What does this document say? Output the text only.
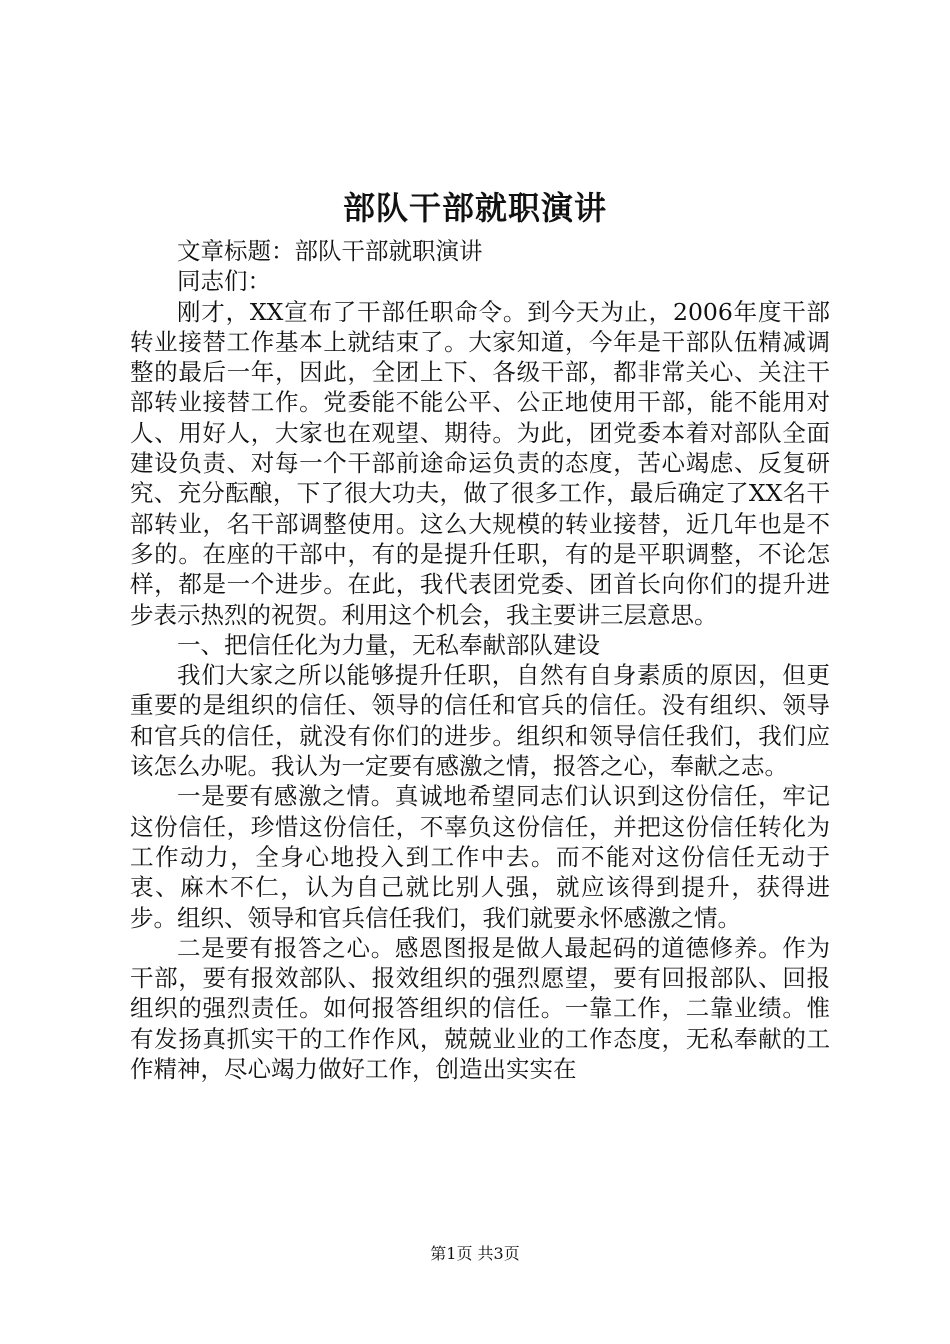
部队干部就职演讲

文章标题：部队干部就职演讲

同志们：

刚才，XX宣布了干部任职命令。到今天为止，2006年度干部转业接替工作基本上就结束了。大家知道，今年是干部队伍精减调整的最后一年，因此，全团上下、各级干部，都非常关心、关注干部转业接替工作。党委能不能公平、公正地使用干部，能不能用对人、用好人，大家也在观望、期待。为此，团党委本着对部队全面建设负责、对每一个干部前途命运负责的态度，苦心竭虑、反复研究、充分酝酿，下了很大功夫，做了很多工作，最后确定了XX名干部转业，名干部调整使用。这么大规模的转业接替，近几年也是不多的。在座的干部中，有的是提升任职，有的是平职调整，不论怎样，都是一个进步。在此，我代表团党委、团首长向你们的提升进步表示热烈的祝贺。利用这个机会，我主要讲三层意思。

一、把信任化为力量，无私奉献部队建设

我们大家之所以能够提升任职，自然有自身素质的原因，但更重要的是组织的信任、领导的信任和官兵的信任。没有组织、领导和官兵的信任，就没有你们的进步。组织和领导信任我们，我们应该怎么办呢。我认为一定要有感激之情，报答之心，奉献之志。

一是要有感激之情。真诚地希望同志们认识到这份信任，牢记这份信任，珍惜这份信任，不辜负这份信任，并把这份信任转化为工作动力，全身心地投入到工作中去。而不能对这份信任无动于衷、麻木不仁，认为自己就比别人强，就应该得到提升，获得进步。组织、领导和官兵信任我们，我们就要永怀感激之情。

二是要有报答之心。感恩图报是做人最起码的道德修养。作为干部，要有报效部队、报效组织的强烈愿望，要有回报部队、回报组织的强烈责任。如何报答组织的信任。一靠工作，二靠业绩。惟有发扬真抓实干的工作作风，兢兢业业的工作态度，无私奉献的工作精神，尽心竭力做好工作，创造出实实在

第1页 共3页
